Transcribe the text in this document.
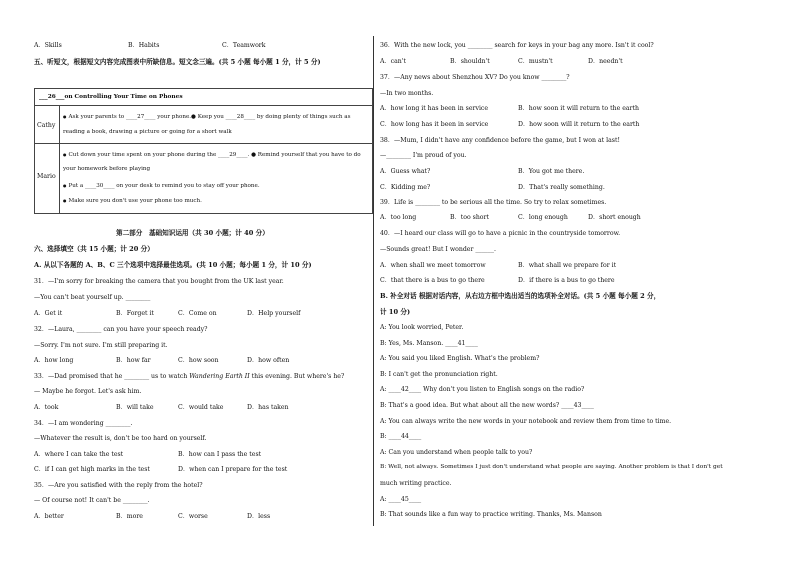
A．Skills	B．Habits	C．Teamwork
五、听短文，根据短文内容完成图表中所缺信息。短文念三遍。(共 5 小题 每小题 1 分，计 5 分)
___26___on Controlling Your Time on Phones
Cathy
● Ask your parents to ____27____ your phone.● Keep you ____28____ by doing plenty of things such as
reading a book, drawing a picture or going for a short walk
Mario
● Cut down your time spent on your phone during the ____29____. ● Remind yourself that you have to do
your homework before playing
● Put a ____30____ on your desk to remind you to stay off your phone.
● Make sure you don't use your phone too much.
第二部分　基础知识运用（共 30 小题；计 40 分）
六、选择填空（共 15 小题；计 20 分）
A. 从以下各题的 A、B、C 三个选项中选择最佳选项。(共 10 小题；每小题 1 分，计 10 分)
31．—I'm sorry for breaking the camera that you bought from the UK last year.
—You can't beat yourself up. ________
A．Get it	B．Forget it	C．Come on	D．Help yourself
32．—Laura, ________ can you have your speech ready?
—Sorry. I'm not sure. I'm still preparing it.
A．how long	B．how far	C．how soon	D．how often
33．—Dad promised that he ________ us to watch Wandering Earth II this evening. But where's he?
— Maybe he forgot. Let's ask him.
A．took	B．will take	C．would take	D．has taken
34．—I am wondering ________.
—Whatever the result is, don't be too hard on yourself.
A．where I can take the test	B．how can I pass the test
C．if I can get high marks in the test	D．when can I prepare for the test
35．—Are you satisfied with the reply from the hotel?
— Of course not! It can't be ________.
A．better	B．more	C．worse	D．less
36．With the new lock, you ________ search for keys in your bag any more. Isn't it cool?
A．can't	B．shouldn't	C．mustn't	D．needn't
37．—Any news about Shenzhou XV? Do you know ________?
—In two months.
A．how long it has been in service	B．how soon it will return to the earth
C．how long has it been in service	D．how soon will it return to the earth
38．—Mum, I didn't have any confidence before the game, but I won at last!
—________ I'm proud of you.
A．Guess what?	B．You got me there.
C．Kidding me?	D．That's really something.
39．Life is ________ to be serious all the time. So try to relax sometimes.
A．too long	B．too short	C．long enough	D．short enough
40．—I heard our class will go to have a picnic in the countryside tomorrow.
—Sounds great! But I wonder ______.
A．when shall we meet tomorrow	B．what shall we prepare for it
C．that there is a bus to go there	D．if there is a bus to go there
B. 补全对话 根据对话内容，从右边方框中选出适当的选项补全对话。(共 5 小题 每小题 2 分，
计 10 分)
A: You look worried, Peter.
B: Yes, Ms. Manson. ____41____
A: You said you liked English. What's the problem?
B: I can't get the pronunciation right.
A: ____42____ Why don't you listen to English songs on the radio?
B: That's a good idea. But what about all the new words? ____43____
A: You can always write the new words in your notebook and review them from time to time.
B: ____44____
A: Can you understand when people talk to you?
B: Well, not always. Sometimes I just don't understand what people are saying. Another problem is that I don't get
much writing practice.
A: ____45____
B: That sounds like a fun way to practice writing. Thanks, Ms. Manson
